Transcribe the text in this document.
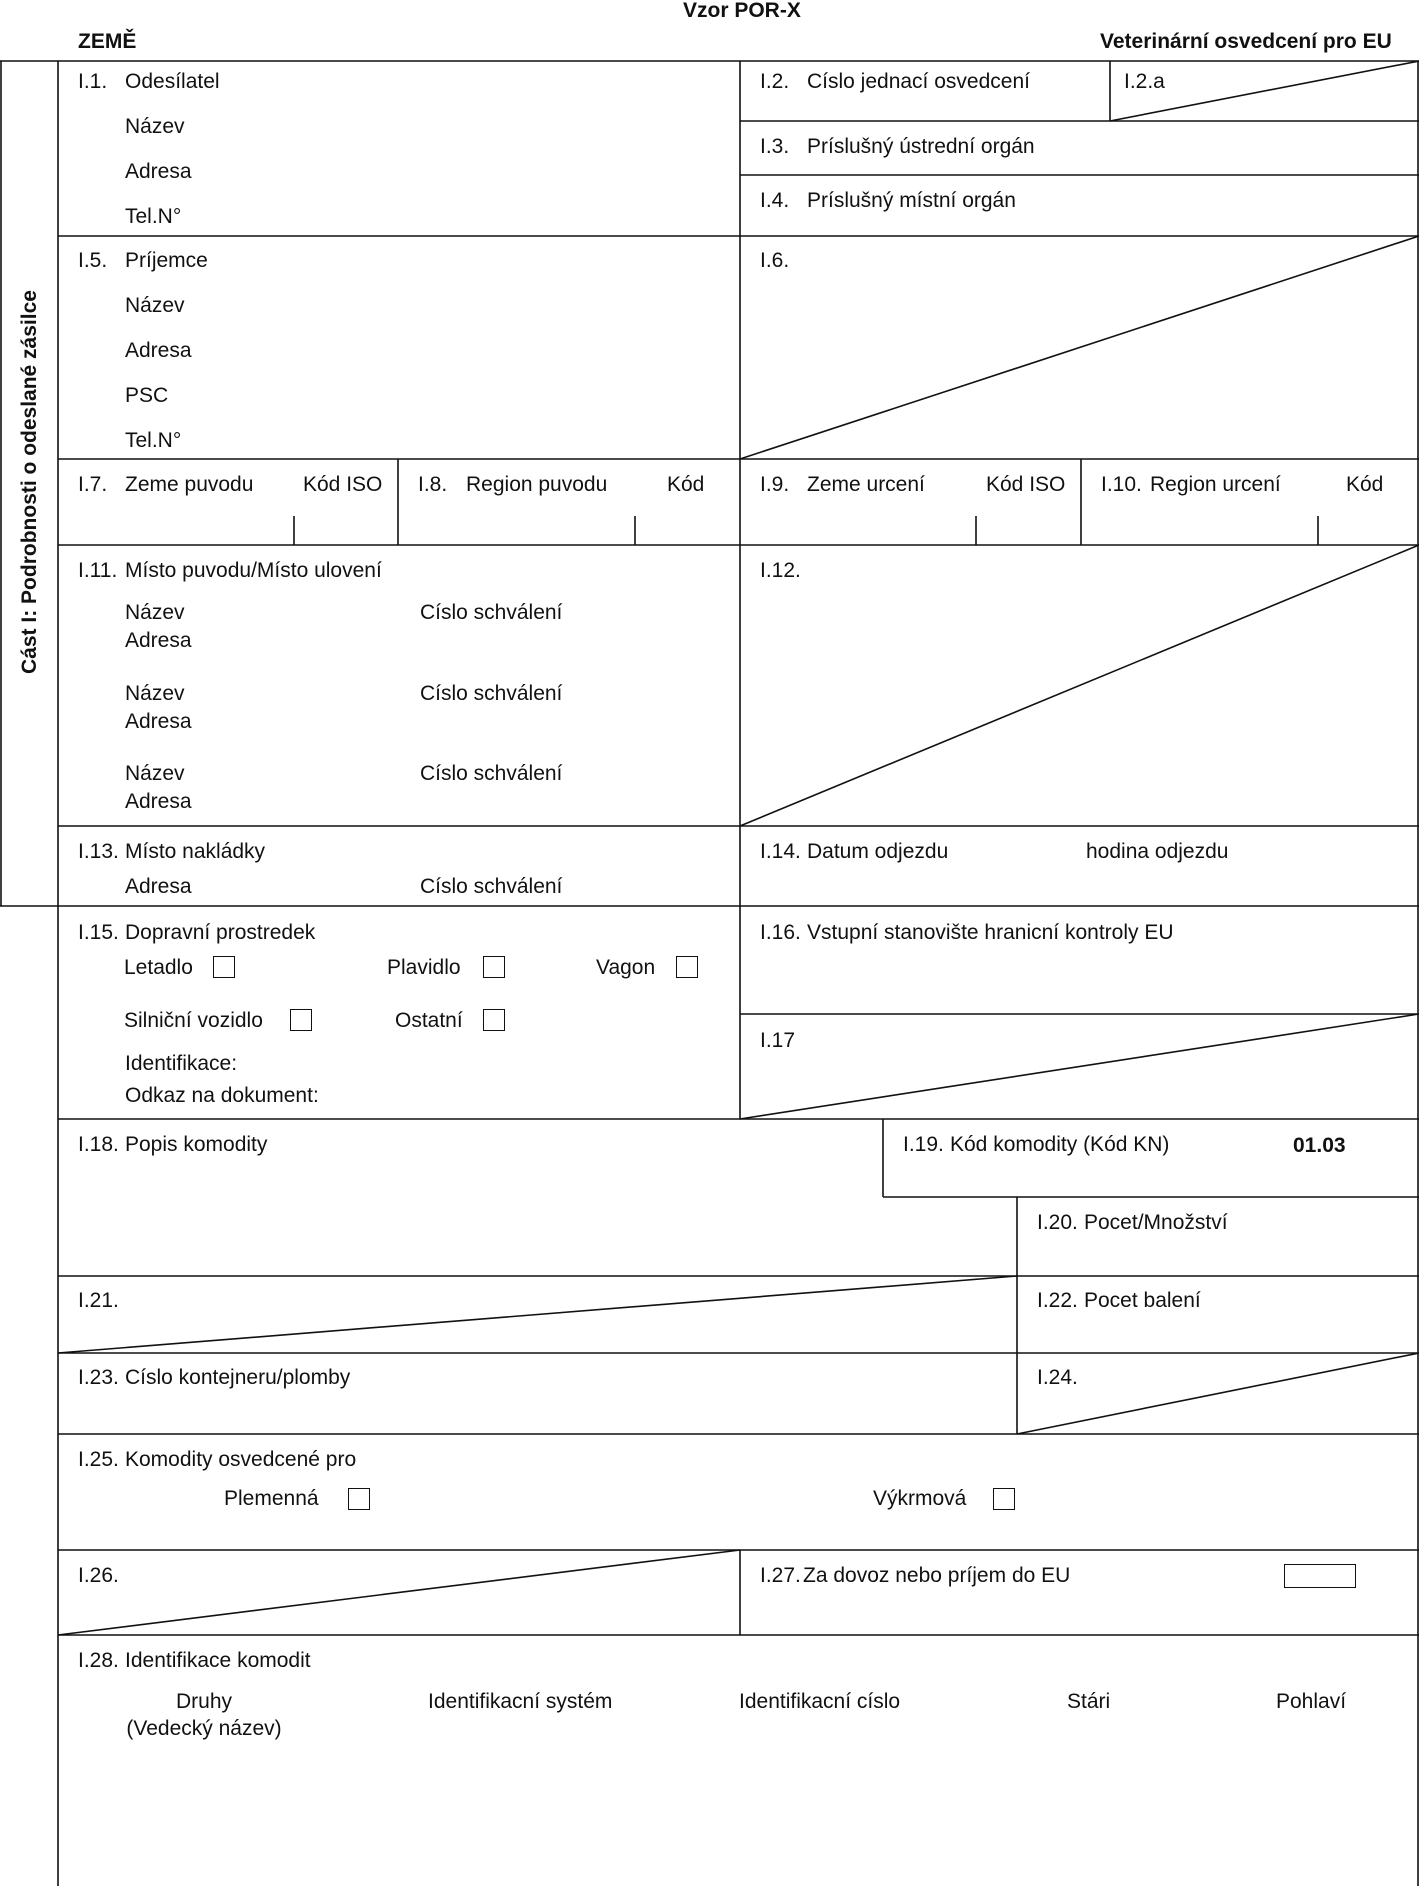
Vzor POR-X
ZEMĚ	Veterinární osvedcení pro EU
Cást I: Podrobnosti o odeslané zásilce
I.1. Odesílatel
Název
Adresa
Tel.N°
I.2. Císlo jednací osvedcení	I.2.a
I.3. Príslušný ústrední orgán
I.4. Príslušný místní orgán
I.5. Príjemce
Název
Adresa
PSC
Tel.N°
I.6.
I.7. Zeme puvodu Kód ISO I.8. Region puvodu	Kód	I.9. Zeme urcení	Kód ISO I.10. Region urcení	Kód
I.11. Místo puvodu/Místo ulovení
Název	Císlo schválení
Adresa
Název	Císlo schválení
Adresa
Název	Císlo schválení
Adresa
I.12.
I.13. Místo nakládky
Adresa	Císlo schválení
I.14. Datum odjezdu	hodina odjezdu
I.15. Dopravní prostredek
Letadlo	Plavidlo	Vagon
Silniční vozidlo	Ostatní
Identifikace:
Odkaz na dokument:
I.16. Vstupní stanovište hranicní kontroly EU
I.17
I.18. Popis komodity	I.19. Kód komodity (Kód KN)	01.03
I.20. Pocet/Množství
I.21.	I.22. Pocet balení
I.23. Císlo kontejneru/plomby	I.24.
I.25. Komodity osvedcené pro
Plemenná	Výkrmová
I.26.	I.27. Za dovoz nebo príjem do EU
I.28. Identifikace komodit
Druhy
(Vedecký název)
Identifikacní systém	Identifikacní císlo	Stári	Pohlaví
